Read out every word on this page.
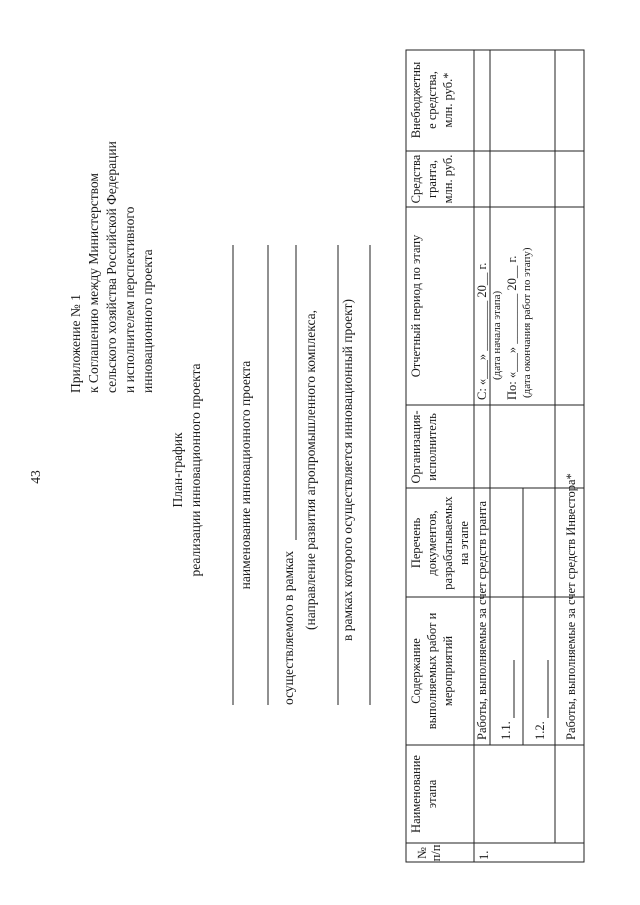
43
Приложение № 1 к Соглашению между Министерством сельского хозяйства Российской Федерации и исполнителем перспективного инновационного проекта
План-график реализации инновационного проекта	наименование инновационного проекта
осуществляемого в рамках (направление развития агропромышленного комплекса, в рамках которого осуществляется инновационный проект)
№ п/п
Наименование этапа
Содержание выполняемых работ и мероприятий
Перечень документов, разрабатываемых на этапе
Организация- исполнитель
Отчетный период по этапу
Средства гранта, млн. руб.
Внебюджетны е средства, млн. руб.*
1.
Работы, выполняемые за счет средств гранта 1.1. 1.2. Работы, выполняемые за счет средств Инвестора*
С: «___» ________ 20__ г. (дата начала этапа) По: «___» ________ 20__ г. (дата окончания работ по этапу)
